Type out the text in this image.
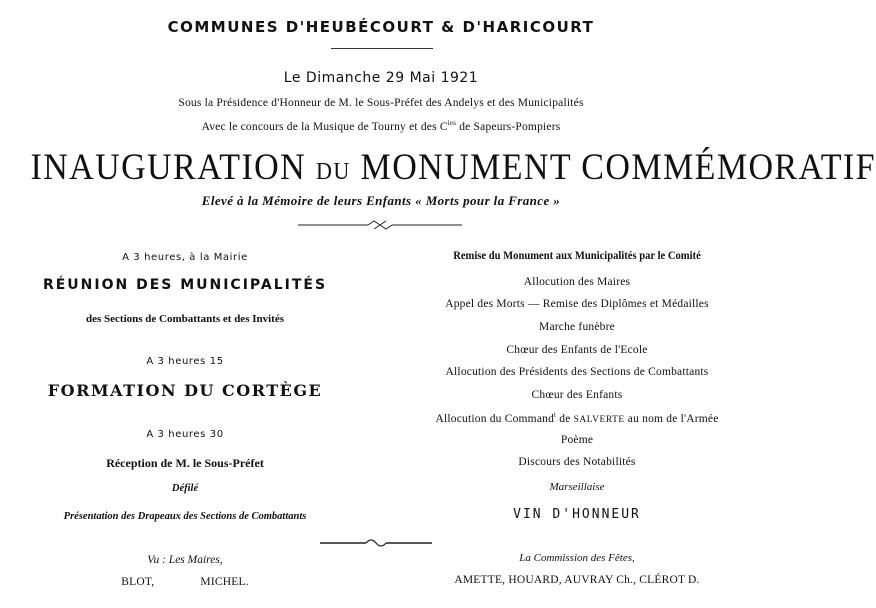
COMMUNES D'HEUBÉCOURT & D'HARICOURT
Le Dimanche 29 Mai 1921
Sous la Présidence d'Honneur de M. le Sous-Préfet des Andelys et des Municipalités
Avec le concours de la Musique de Tourny et des $C^{ies}$ de Sapeurs-Pompiers
INAUGURATION DU MONUMENT COMMÉMORATIF
Elevé à la Mémoire de leurs Enfants « Morts pour la France »
A 3 heures, à la Mairie
RÉUNION DES MUNICIPALITÉS
des Sections de Combattants et des Invités
A 3 heures 15
FORMATION DU CORTÈGE
A 3 heures 30
Réception de M. le Sous-Préfet
Défilé
Présentation des Drapeaux des Sections de Combattants
Vu : Les Maires,
BLOT,	MICHEL.
Remise du Monument aux Municipalités par le Comité
Allocution des Maires
Appel des Morts — Remise des Diplômes et Médailles
Marche funèbre
Chœur des Enfants de l'Ecole
Allocution des Présidents des Sections de Combattants
Chœur des Enfants
Allocution du Command$^t$ de SALVERTE au nom de l'Armée
Poème
Discours des Notabilités
Marseillaise
VIN D'HONNEUR
La Commission des Fêtes,
AMETTE, HOUARD, AUVRAY Ch., CLÉROT D.
